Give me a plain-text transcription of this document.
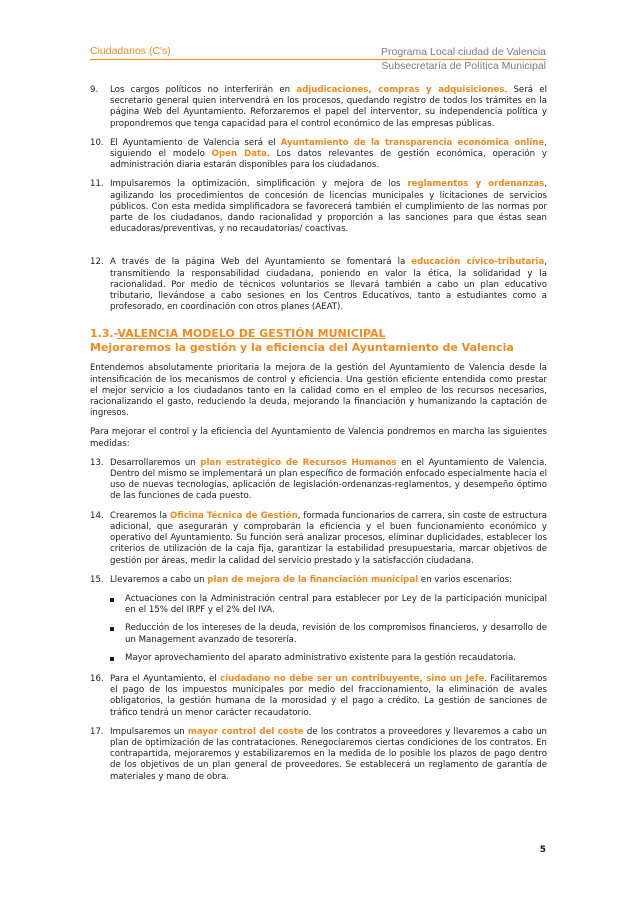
Ciudadanos (C's)	Programa Local ciudad de Valencia
Subsecretaría de Política Municipal
9. Los cargos políticos no interferirán en adjudicaciones, compras y adquisiciones. Será el secretario general quien intervendrá en los procesos, quedando registro de todos los trámites en la página Web del Ayuntamiento. Reforzaremos el papel del interventor, su independencia política y propondremos que tenga capacidad para el control económico de las empresas públicas.
10. El Ayuntamiento de Valencia será el Ayuntamiento de la transparencia económica online, siguiendo el modelo Open Data. Los datos relevantes de gestión económica, operación y administración diaria estarán disponibles para los ciudadanos.
11. Impulsaremos la optimización, simplificación y mejora de los reglamentos y ordenanzas, agilizando los procedimientos de concesión de licencias municipales y licitaciones de servicios públicos. Con esta medida simplificadora se favorecerá también el cumplimiento de las normas por parte de los ciudadanos, dando racionalidad y proporción a las sanciones para que éstas sean educadoras/preventivas, y no recaudatorias/ coactivas.
12. A través de la página Web del Ayuntamiento se fomentará la educación cívico-tributaria, transmitiendo la responsabilidad ciudadana, poniendo en valor la ética, la solidaridad y la racionalidad. Por medio de técnicos voluntarios se llevará también a cabo un plan educativo tributario, llevándose a cabo sesiones en los Centros Educativos, tanto a estudiantes como a profesorado, en coordinación con otros planes (AEAT).
1.3.-VALENCIA MODELO DE GESTIÓN MUNICIPAL
Mejoraremos la gestión y la eficiencia del Ayuntamiento de Valencia
Entendemos absolutamente prioritaria la mejora de la gestión del Ayuntamiento de Valencia desde la intensificación de los mecanismos de control y eficiencia. Una gestión eficiente entendida como prestar el mejor servicio a los ciudadanos tanto en la calidad como en el empleo de los recursos necesarios, racionalizando el gasto, reduciendo la deuda, mejorando la financiación y humanizando la captación de ingresos.
Para mejorar el control y la eficiencia del Ayuntamiento de Valencia pondremos en marcha las siguientes medidas:
13. Desarrollaremos un plan estratégico de Recursos Humanos en el Ayuntamiento de Valencia. Dentro del mismo se implementará un plan específico de formación enfocado especialmente hacia el uso de nuevas tecnologías, aplicación de legislación-ordenanzas-reglamentos, y desempeño óptimo de las funciones de cada puesto.
14. Crearemos la Oficina Técnica de Gestión, formada funcionarios de carrera, sin coste de estructura adicional, que asegurarán y comprobarán la eficiencia y el buen funcionamiento económico y operativo del Ayuntamiento. Su función será analizar procesos, eliminar duplicidades, establecer los criterios de utilización de la caja fija, garantizar la estabilidad presupuestaria, marcar objetivos de gestión por áreas, medir la calidad del servicio prestado y la satisfacción ciudadana.
15. Llevaremos a cabo un plan de mejora de la financiación municipal en varios escenarios:
Actuaciones con la Administración central para establecer por Ley de la participación municipal en el 15% del IRPF y el 2% del IVA.
Reducción de los intereses de la deuda, revisión de los compromisos financieros, y desarrollo de un Management avanzado de tesorería.
Mayor aprovechamiento del aparato administrativo existente para la gestión recaudatoria.
16. Para el Ayuntamiento, el ciudadano no debe ser un contribuyente, sino un Jefe. Facilitaremos el pago de los impuestos municipales por medio del fraccionamiento, la eliminación de avales obligatorios, la gestión humana de la morosidad y el pago a crédito. La gestión de sanciones de tráfico tendrá un menor carácter recaudatorio.
17. Impulsaremos un mayor control del coste de los contratos a proveedores y llevaremos a cabo un plan de optimización de las contrataciones. Renegociaremos ciertas condiciones de los contratos. En contrapartida, mejoraremos y estabilizaremos en la medida de lo posible los plazos de pago dentro de los objetivos de un plan general de proveedores. Se establecerá un reglamento de garantía de materiales y mano de obra.
5
